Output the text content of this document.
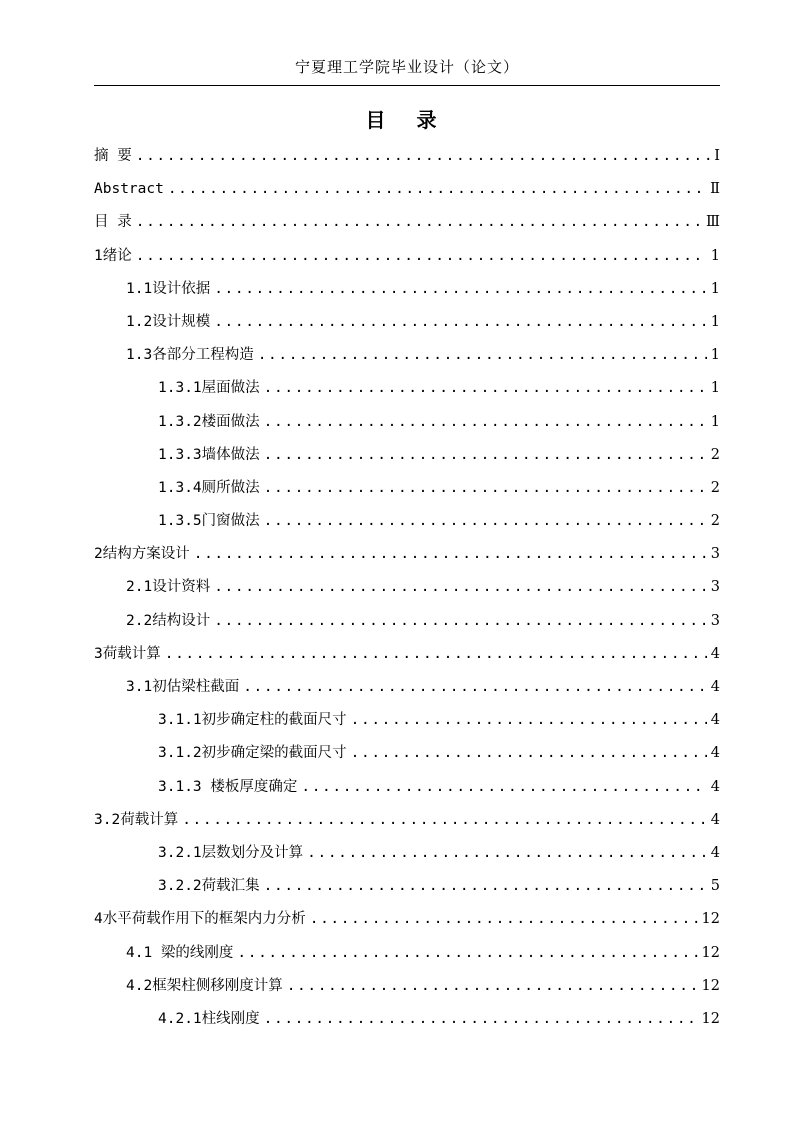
宁夏理工学院毕业设计（论文）
目 录
摘 要 .....	Ⅰ
Abstract .....	Ⅱ
目 录 .....	Ⅲ
1绪论 .....	1
1.1设计依据 .....	1
1.2设计规模 .....	1
1.3各部分工程构造 .....	1
1.3.1屋面做法 .....	1
1.3.2楼面做法 .....	1
1.3.3墙体做法 .....	2
1.3.4厕所做法 .....	2
1.3.5门窗做法 .....	2
2结构方案设计 .....	3
2.1设计资料 .....	3
2.2结构设计 .....	3
3荷载计算 .....	4
3.1初估梁柱截面 .....	4
3.1.1初步确定柱的截面尺寸 .....	4
3.1.2初步确定梁的截面尺寸 .....	4
3.1.3 楼板厚度确定 .....	4
3.2荷载计算 .....	4
3.2.1层数划分及计算 .....	4
3.2.2荷载汇集 .....	5
4水平荷载作用下的框架内力分析 .....	12
4.1 梁的线刚度 .....	12
4.2框架柱侧移刚度计算 .....	12
4.2.1柱线刚度 .....	12
